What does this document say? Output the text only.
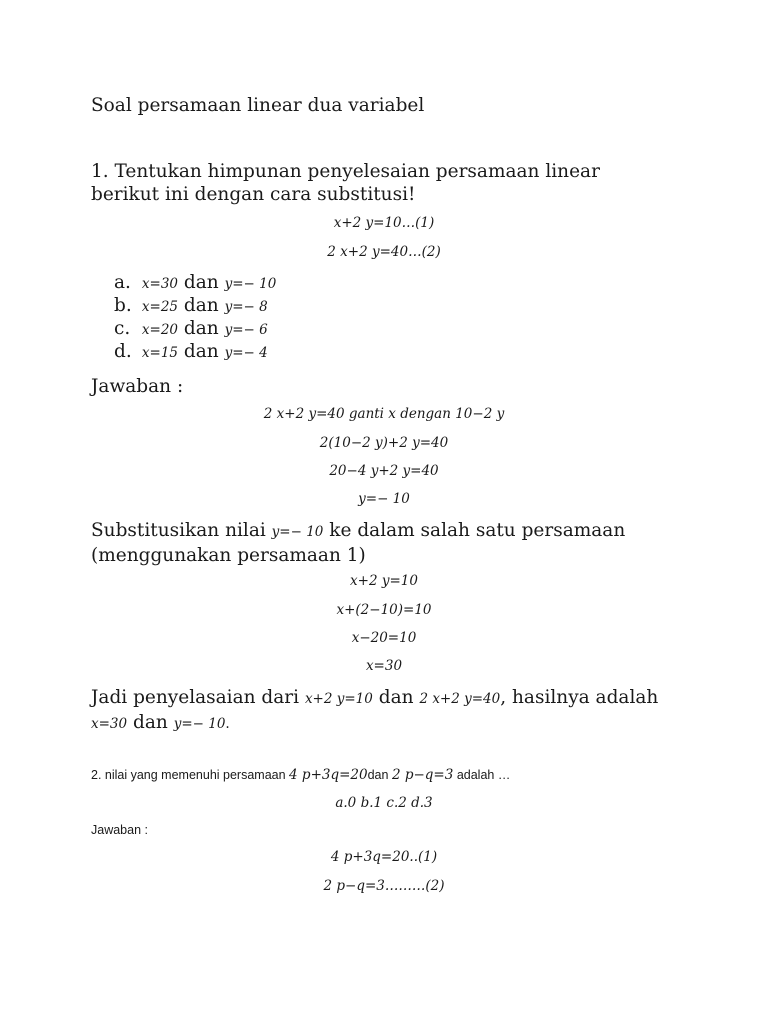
Soal persamaan linear dua variabel
1. Tentukan himpunan penyelesaian persamaan linear
berikut ini dengan cara substitusi!
x+2 y=10…(1)
2 x+2 y=40…(2)
a. x=30 dan y=− 10
b. x=25 dan y=− 8
c. x=20 dan y=− 6
d. x=15 dan y=− 4
Jawaban :
2 x+2 y=40 ganti x dengan 10−2 y
2(10−2 y)+2 y=40
20−4 y+2 y=40
y=− 10
Substitusikan nilai y=− 10 ke dalam salah satu persamaan
(menggunakan persamaan 1)
x+2 y=10
x+(2−10)=10
x−20=10
x=30
Jadi penyelasaian dari x+2 y=10 dan 2 x+2 y=40, hasilnya adalah
x=30 dan y=− 10.
2. nilai yang memenuhi persamaan 4 p+3q=20dan 2 p−q=3 adalah …
a.0 b.1 c.2 d.3
Jawaban :
4 p+3q=20..(1)
2 p−q=3………(2)
